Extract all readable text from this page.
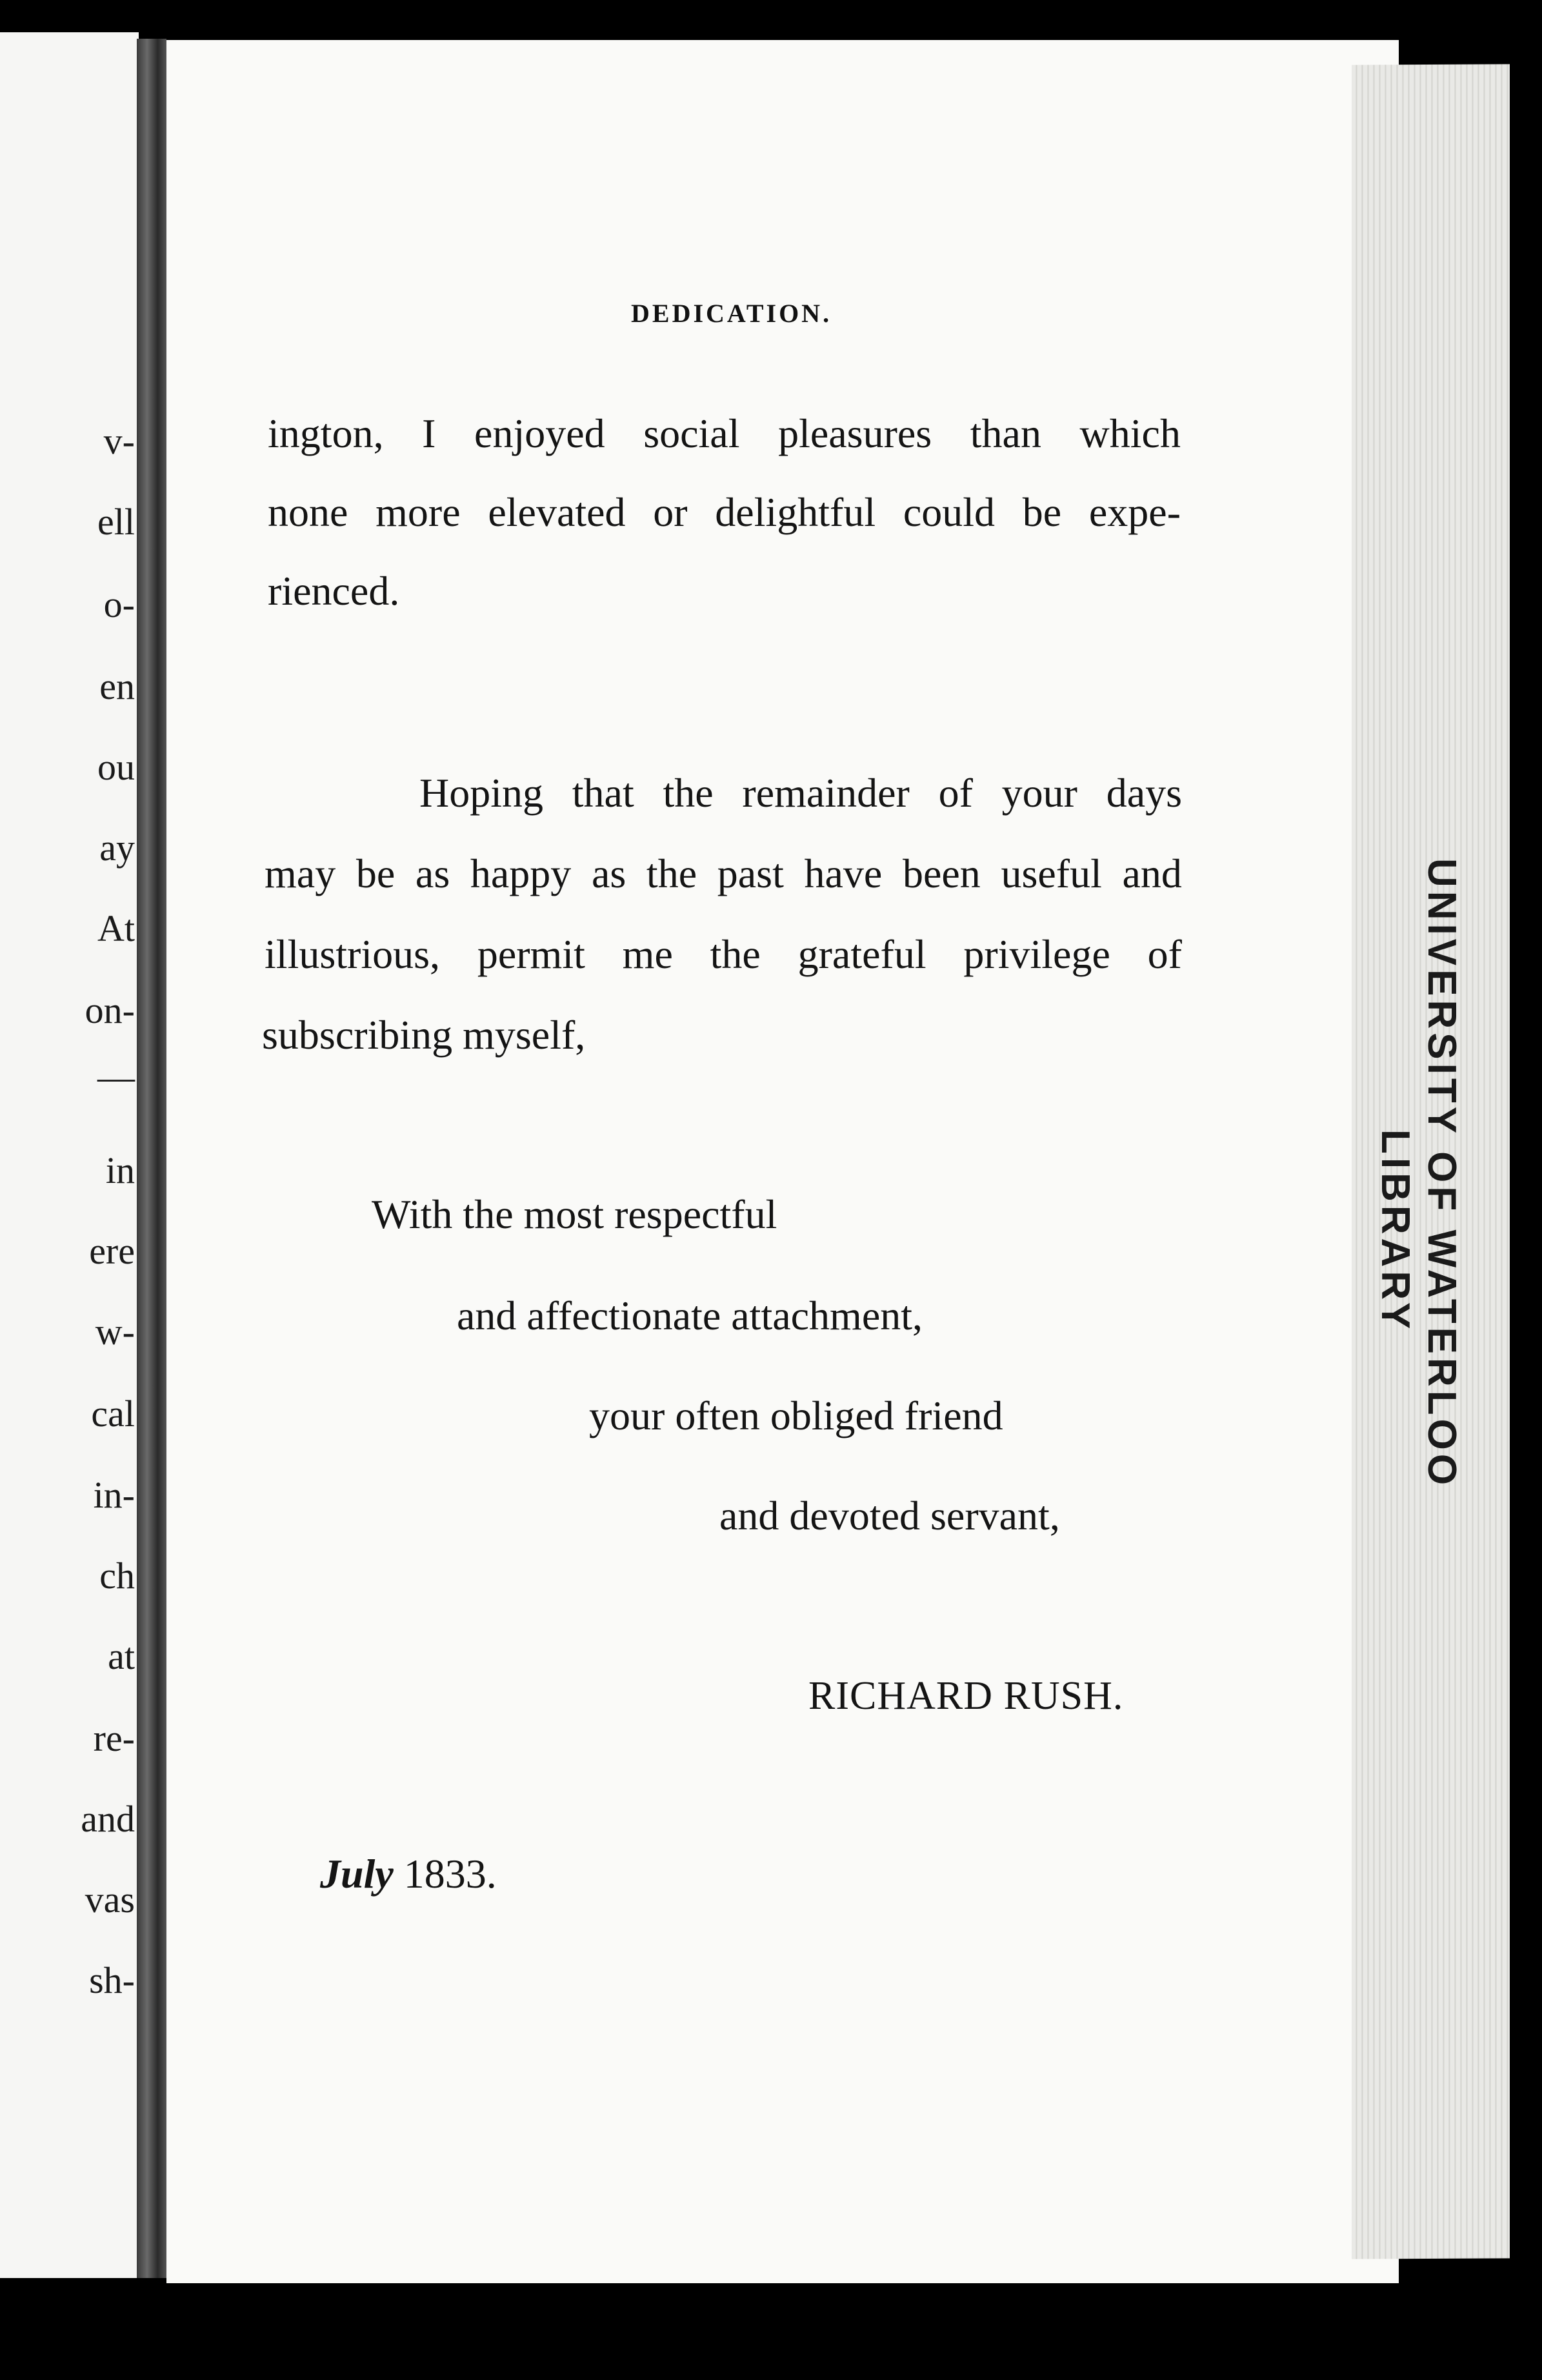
v-
ell
o-
en
ou
ay
At
on-
—
in
ere
w-
cal
in-
ch
at
re-
and
vas
sh-
DEDICATION.
ington, I enjoyed social pleasures than which
none more elevated or delightful could be expe-
rienced.
Hoping that the remainder of your days
may be as happy as the past have been useful and
illustrious, permit me the grateful privilege of
subscribing myself,
With the most respectful
and affectionate attachment,
your often obliged friend
and devoted servant,
RICHARD RUSH.
July 1833.
UNIVERSITY OF WATERLOO
LIBRARY
